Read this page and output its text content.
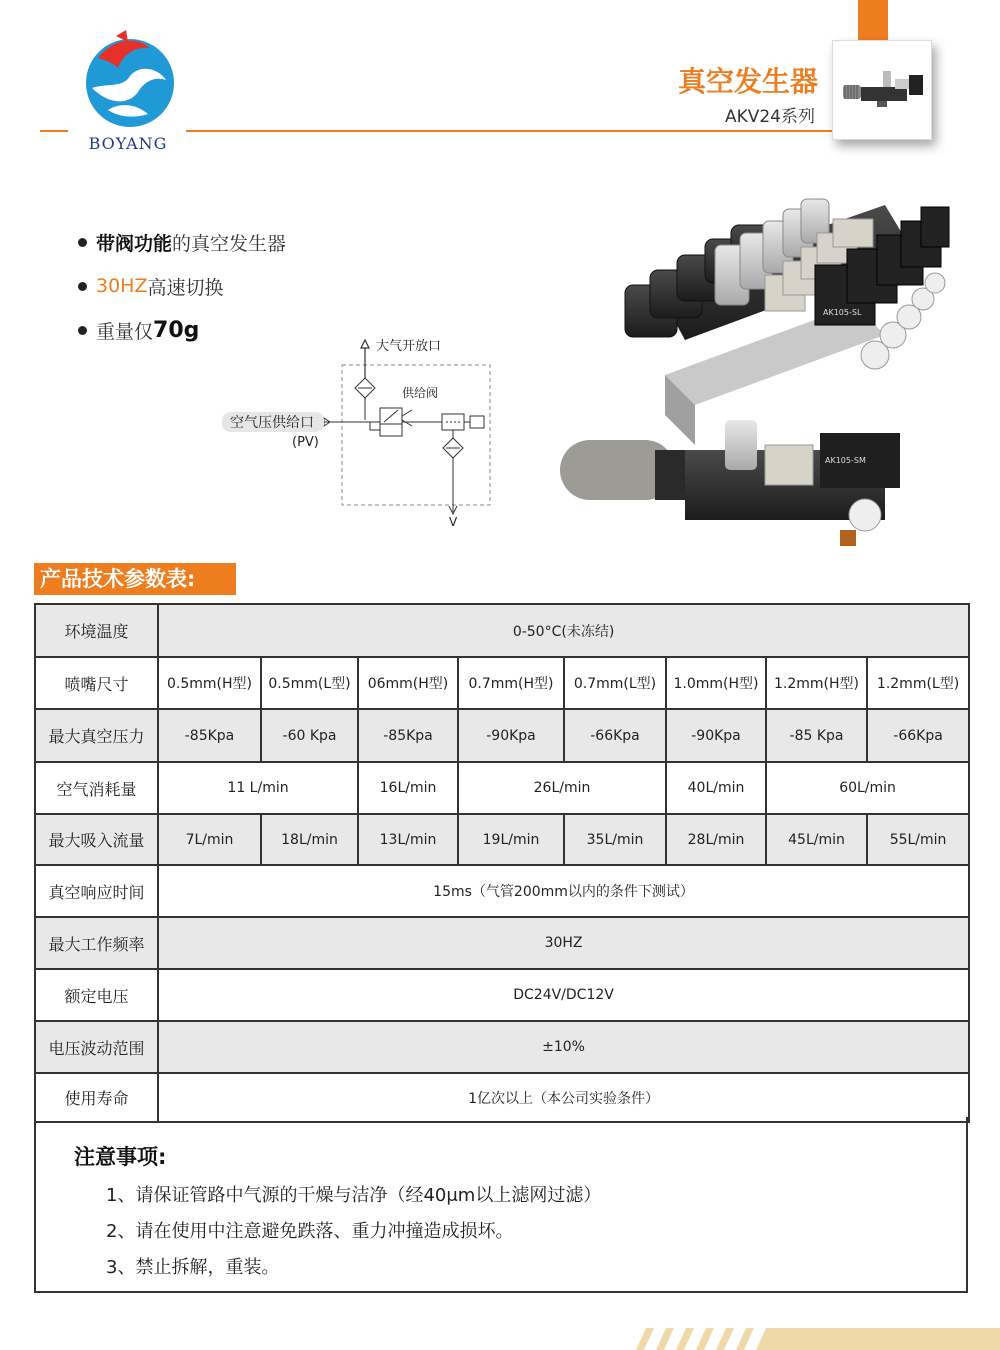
BOYANG
真空发生器
AKV24系列
带阀功能 的真空发生器
30HZ 高速切换
重量仅 70g
大气开放口
供给阀
V
空气压供给口
(PV)
AK105-SL
AK105-SM
产品技术参数表:
环境温度	0-50°C(未冻结)							
喷嘴尺寸	0.5mm(H型)	0.5mm(L型)	06mm(H型)	0.7mm(H型)	0.7mm(L型)	1.0mm(H型)	1.2mm(H型)	1.2mm(L型)
最大真空压力	-85Kpa	-60 Kpa	-85Kpa	-90Kpa	-66Kpa	-90Kpa	-85 Kpa	-66Kpa
空气消耗量	11 L/min		16L/min	26L/min		40L/min	60L/min	
最大吸入流量	7L/min	18L/min	13L/min	19L/min	35L/min	28L/min	45L/min	55L/min
真空响应时间	15ms（气管200mm以内的条件下测试）							
最大工作频率	30HZ							
额定电压	DC24V/DC12V							
电压波动范围	±10%							
使用寿命	1亿次以上（本公司实验条件）							
注意事项:
1、请保证管路中气源的干燥与洁净（经40μm以上滤网过滤）
2、请在使用中注意避免跌落、重力冲撞造成损坏。
3、禁止拆解，重装。
